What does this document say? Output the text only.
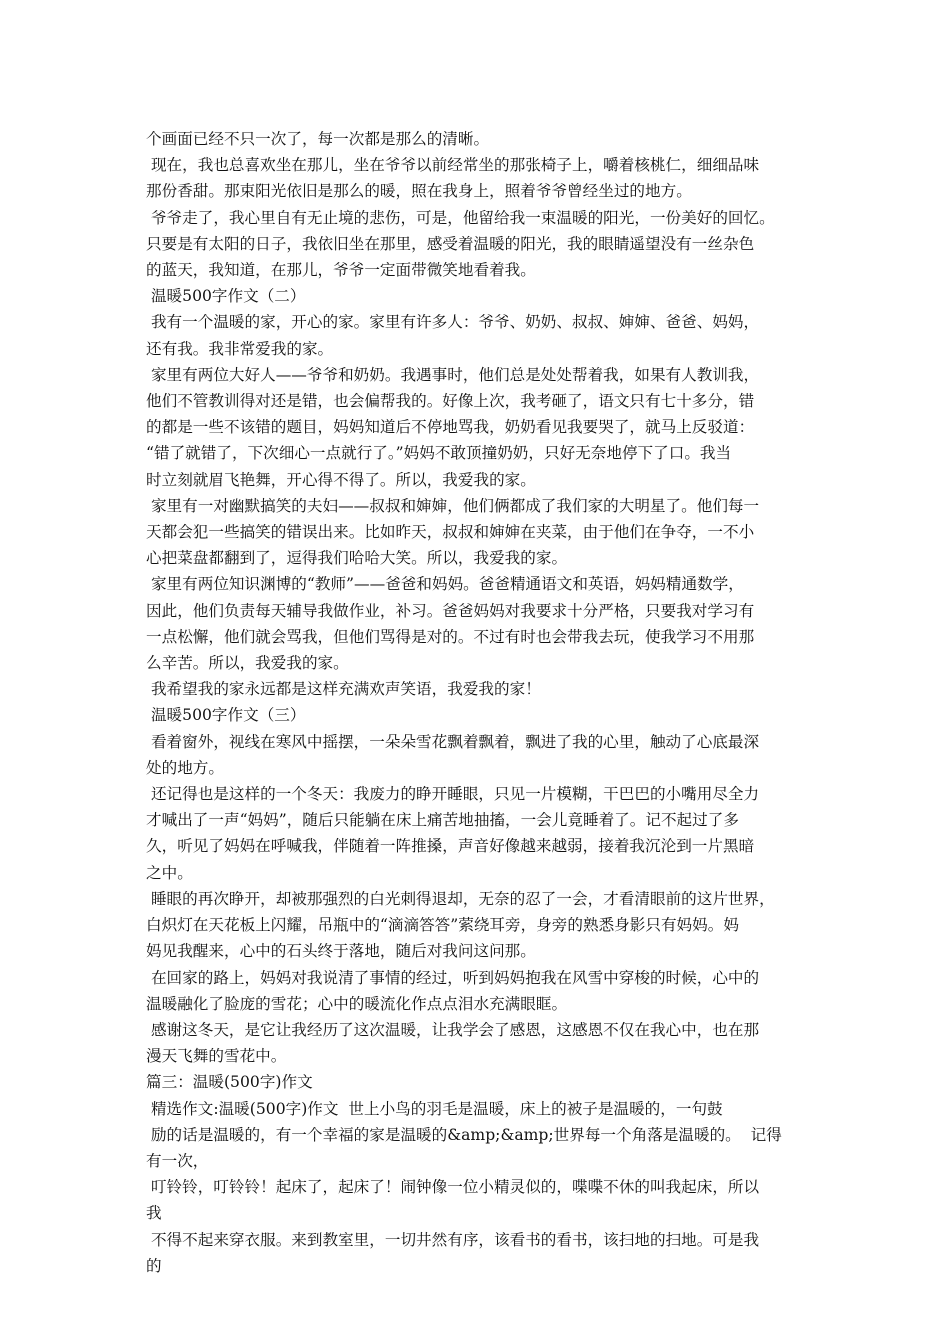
个画面已经不只一次了，每一次都是那么的清晰。
现在，我也总喜欢坐在那儿，坐在爷爷以前经常坐的那张椅子上，嚼着核桃仁，细细品味
那份香甜。那束阳光依旧是那么的暖，照在我身上，照着爷爷曾经坐过的地方。
爷爷走了，我心里自有无止境的悲伤，可是，他留给我一束温暖的阳光，一份美好的回忆。
只要是有太阳的日子，我依旧坐在那里，感受着温暖的阳光，我的眼睛遥望没有一丝杂色
的蓝天，我知道，在那儿，爷爷一定面带微笑地看着我。
温暖500字作文（二）
我有一个温暖的家，开心的家。家里有许多人：爷爷、奶奶、叔叔、婶婶、爸爸、妈妈，
还有我。我非常爱我的家。
家里有两位大好人——爷爷和奶奶。我遇事时，他们总是处处帮着我，如果有人教训我，
他们不管教训得对还是错，也会偏帮我的。好像上次，我考砸了，语文只有七十多分，错
的都是一些不该错的题目，妈妈知道后不停地骂我，奶奶看见我要哭了，就马上反驳道：
“错了就错了，下次细心一点就行了。”妈妈不敢顶撞奶奶，只好无奈地停下了口。我当
时立刻就眉飞艳舞，开心得不得了。所以，我爱我的家。
家里有一对幽默搞笑的夫妇——叔叔和婶婶，他们俩都成了我们家的大明星了。他们每一
天都会犯一些搞笑的错误出来。比如昨天，叔叔和婶婶在夹菜，由于他们在争夺，一不小
心把菜盘都翻到了，逗得我们哈哈大笑。所以，我爱我的家。
家里有两位知识渊博的“教师”——爸爸和妈妈。爸爸精通语文和英语，妈妈精通数学，
因此，他们负责每天辅导我做作业，补习。爸爸妈妈对我要求十分严格，只要我对学习有
一点松懈，他们就会骂我，但他们骂得是对的。不过有时也会带我去玩，使我学习不用那
么辛苦。所以，我爱我的家。
我希望我的家永远都是这样充满欢声笑语，我爱我的家！
温暖500字作文（三）
看着窗外，视线在寒风中摇摆，一朵朵雪花飘着飘着，飘进了我的心里，触动了心底最深
处的地方。
还记得也是这样的一个冬天：我废力的睁开睡眼，只见一片模糊，干巴巴的小嘴用尽全力
才喊出了一声“妈妈”，随后只能躺在床上痛苦地抽搐，一会儿竟睡着了。记不起过了多
久，听见了妈妈在呼喊我，伴随着一阵推搡，声音好像越来越弱，接着我沉沦到一片黑暗
之中。
睡眼的再次睁开，却被那强烈的白光刺得退却，无奈的忍了一会，才看清眼前的这片世界，
白炽灯在天花板上闪耀，吊瓶中的“滴滴答答”萦绕耳旁，身旁的熟悉身影只有妈妈。妈
妈见我醒来，心中的石头终于落地，随后对我问这问那。
在回家的路上，妈妈对我说清了事情的经过，听到妈妈抱我在风雪中穿梭的时候，心中的
温暖融化了脸庞的雪花；心中的暖流化作点点泪水充满眼眶。
感谢这冬天，是它让我经历了这次温暖，让我学会了感恩，这感恩不仅在我心中，也在那
漫天飞舞的雪花中。
篇三：温暖(500字)作文
精选作文:温暖(500字)作文  世上小鸟的羽毛是温暖，床上的被子是温暖的，一句鼓
励的话是温暖的，有一个幸福的家是温暖的&amp;&amp;世界每一个角落是温暖的。  记得
有一次，
叮铃铃，叮铃铃！起床了，起床了！闹钟像一位小精灵似的，喋喋不休的叫我起床，所以
我
不得不起来穿衣服。来到教室里，一切井然有序，该看书的看书，该扫地的扫地。可是我
的
